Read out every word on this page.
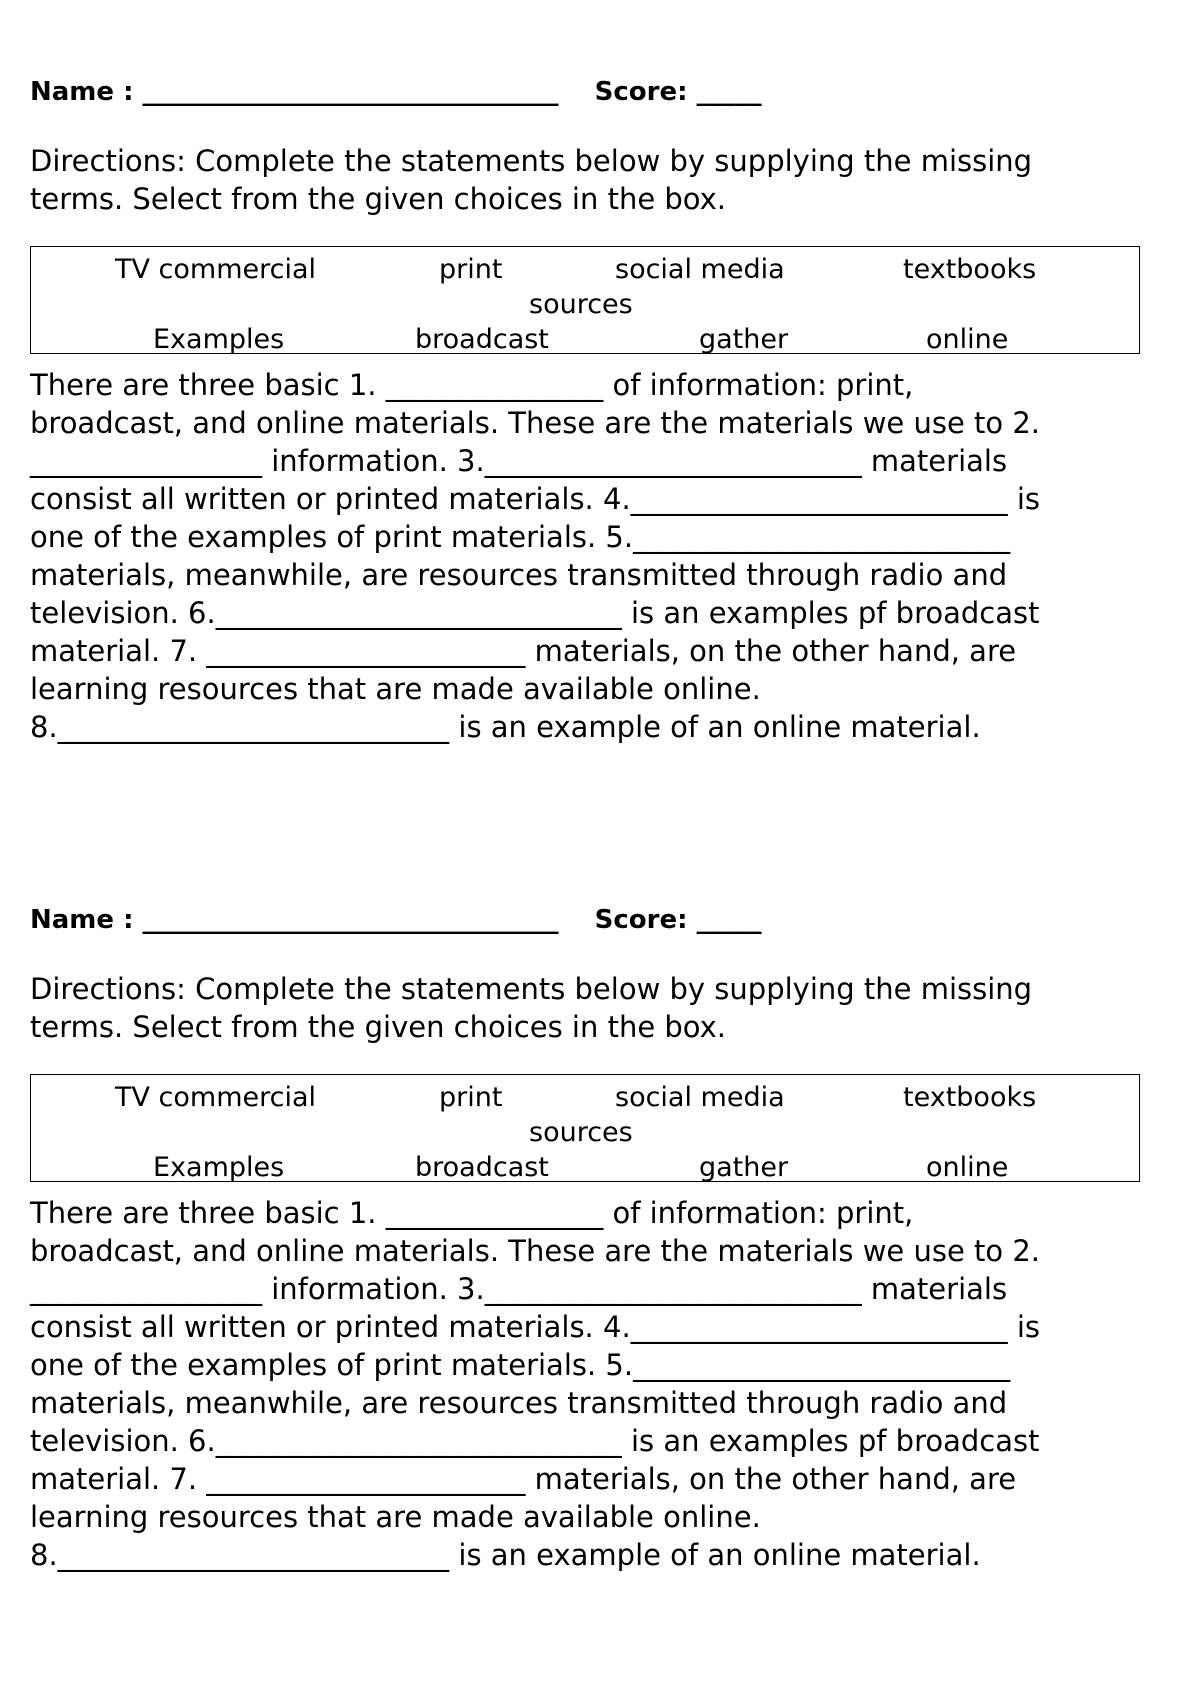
Name : ________________________________ Score: _____
Directions: Complete the statements below by supplying the missing
terms. Select from the given choices in the box.
TV commercial	print	social media	textbooks
sources
Examples	broadcast	gather	online
There are three basic 1. _______________ of information: print,
broadcast, and online materials. These are the materials we use to 2.
________________ information. 3.__________________________ materials
consist all written or printed materials. 4.__________________________ is
one of the examples of print materials. 5.__________________________
materials, meanwhile, are resources transmitted through radio and
television. 6.____________________________ is an examples pf broadcast
material. 7. ______________________ materials, on the other hand, are
learning resources that are made available online.
8.___________________________ is an example of an online material.
Name : ________________________________ Score: _____
Directions: Complete the statements below by supplying the missing
terms. Select from the given choices in the box.
TV commercial	print	social media	textbooks
sources
Examples	broadcast	gather	online
There are three basic 1. _______________ of information: print,
broadcast, and online materials. These are the materials we use to 2.
________________ information. 3.__________________________ materials
consist all written or printed materials. 4.__________________________ is
one of the examples of print materials. 5.__________________________
materials, meanwhile, are resources transmitted through radio and
television. 6.____________________________ is an examples pf broadcast
material. 7. ______________________ materials, on the other hand, are
learning resources that are made available online.
8.___________________________ is an example of an online material.
